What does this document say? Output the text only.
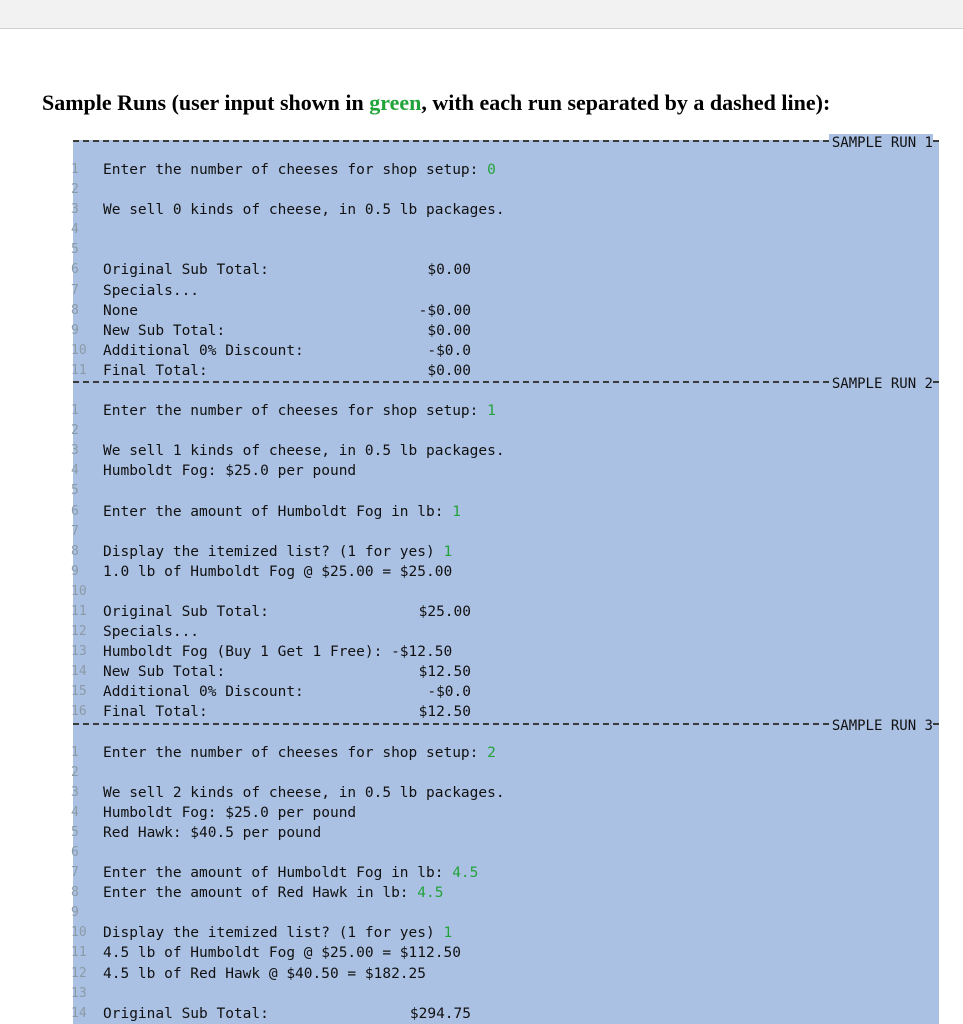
Sample Runs (user input shown in green, with each run separated by a dashed line):
SAMPLE RUN 1
1	Enter the number of cheeses for shop setup: 0
2
3	We sell 0 kinds of cheese, in 0.5 lb packages.
4
5
6	Original Sub Total:	$0.00
7	Specials...
8	None	-$0.00
9	New Sub Total:	$0.00
10	Additional 0% Discount:	-$0.0
11	Final Total:	$0.00
SAMPLE RUN 2
1	Enter the number of cheeses for shop setup: 1
2
3	We sell 1 kinds of cheese, in 0.5 lb packages.
4	Humboldt Fog: $25.0 per pound
5
6	Enter the amount of Humboldt Fog in lb: 1
7
8	Display the itemized list? (1 for yes) 1
9	1.0 lb of Humboldt Fog @ $25.00 = $25.00
10
11	Original Sub Total:	$25.00
12	Specials...
13	Humboldt Fog (Buy 1 Get 1 Free): -$12.50
14	New Sub Total:	$12.50
15	Additional 0% Discount:	-$0.0
16	Final Total:	$12.50
SAMPLE RUN 3
1	Enter the number of cheeses for shop setup: 2
2
3	We sell 2 kinds of cheese, in 0.5 lb packages.
4	Humboldt Fog: $25.0 per pound
5	Red Hawk: $40.5 per pound
6
7	Enter the amount of Humboldt Fog in lb: 4.5
8	Enter the amount of Red Hawk in lb: 4.5
9
10	Display the itemized list? (1 for yes) 1
11	4.5 lb of Humboldt Fog @ $25.00 = $112.50
12	4.5 lb of Red Hawk @ $40.50 = $182.25
13
14	Original Sub Total:	$294.75
